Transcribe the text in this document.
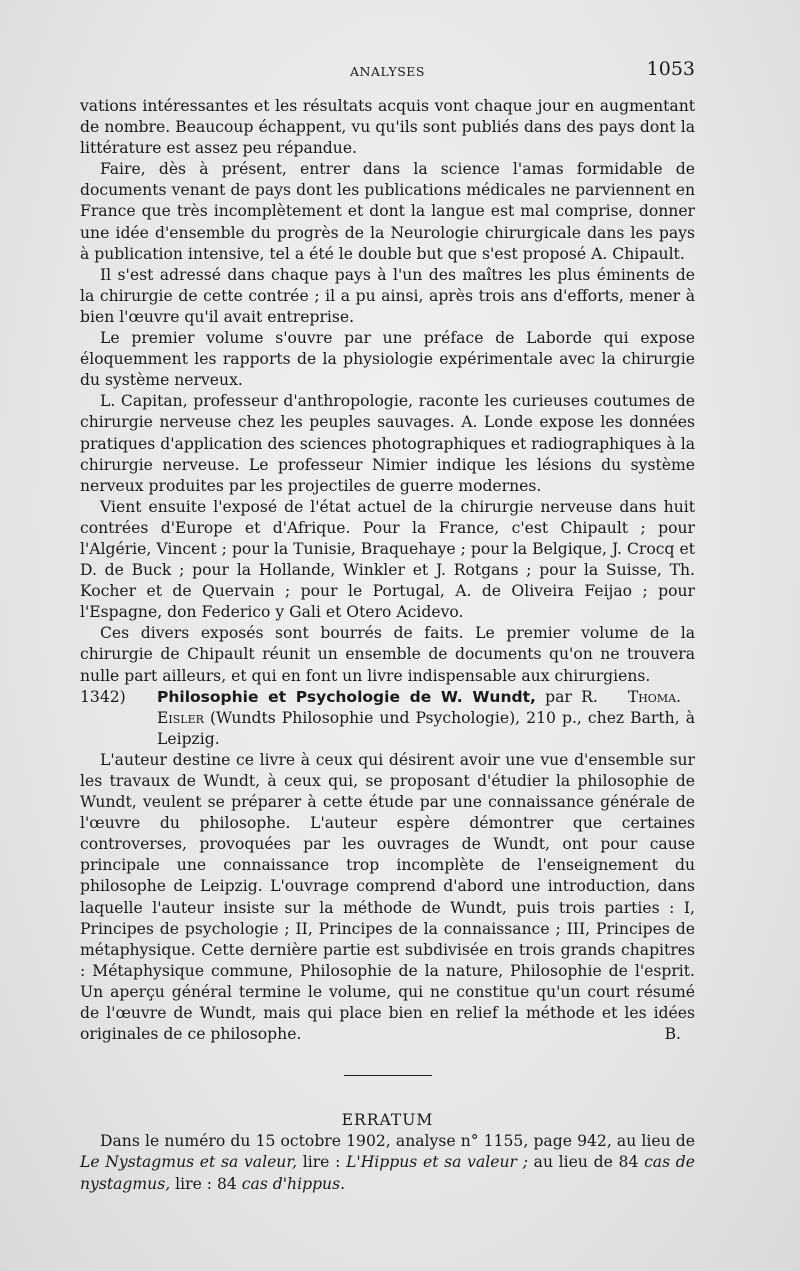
ANALYSES	1053

vations intéressantes et les résultats acquis vont chaque jour en augmentant de nombre. Beaucoup échappent, vu qu'ils sont publiés dans des pays dont la littérature est assez peu répandue.

Faire, dès à présent, entrer dans la science l'amas formidable de documents venant de pays dont les publications médicales ne parviennent en France que très incomplètement et dont la langue est mal comprise, donner une idée d'ensemble du progrès de la Neurologie chirurgicale dans les pays à publication intensive, tel a été le double but que s'est proposé A. Chipault.

Il s'est adressé dans chaque pays à l'un des maîtres les plus éminents de la chirurgie de cette contrée ; il a pu ainsi, après trois ans d'efforts, mener à bien l'œuvre qu'il avait entreprise.

Le premier volume s'ouvre par une préface de Laborde qui expose éloquemment les rapports de la physiologie expérimentale avec la chirurgie du système nerveux.

L. Capitan, professeur d'anthropologie, raconte les curieuses coutumes de chirurgie nerveuse chez les peuples sauvages. A. Londe expose les données pratiques d'application des sciences photographiques et radiographiques à la chirurgie nerveuse. Le professeur Nimier indique les lésions du système nerveux produites par les projectiles de guerre modernes.

Vient ensuite l'exposé de l'état actuel de la chirurgie nerveuse dans huit contrées d'Europe et d'Afrique. Pour la France, c'est Chipault ; pour l'Algérie, Vincent ; pour la Tunisie, Braquehaye ; pour la Belgique, J. Crocq et D. de Buck ; pour la Hollande, Winkler et J. Rotgans ; pour la Suisse, Th. Kocher et de Quervain ; pour le Portugal, A. de Oliveira Feijao ; pour l'Espagne, don Federico y Gali et Otero Acidevo.

Ces divers exposés sont bourrés de faits. Le premier volume de la chirurgie de Chipault réunit un ensemble de documents qu'on ne trouvera nulle part ailleurs, et qui en font un livre indispensable aux chirurgiens.
Thoma.

1342) Philosophie et Psychologie de W. Wundt, par R. Eisler (Wundts Philosophie und Psychologie), 210 p., chez Barth, à Leipzig.

L'auteur destine ce livre à ceux qui désirent avoir une vue d'ensemble sur les travaux de Wundt, à ceux qui, se proposant d'étudier la philosophie de Wundt, veulent se préparer à cette étude par une connaissance générale de l'œuvre du philosophe. L'auteur espère démontrer que certaines controverses, provoquées par les ouvrages de Wundt, ont pour cause principale une connaissance trop incomplète de l'enseignement du philosophe de Leipzig. L'ouvrage comprend d'abord une introduction, dans laquelle l'auteur insiste sur la méthode de Wundt, puis trois parties : I, Principes de psychologie ; II, Principes de la connaissance ; III, Principes de métaphysique. Cette dernière partie est subdivisée en trois grands chapitres : Métaphysique commune, Philosophie de la nature, Philosophie de l'esprit. Un aperçu général termine le volume, qui ne constitue qu'un court résumé de l'œuvre de Wundt, mais qui place bien en relief la méthode et les idées originales de ce philosophe.	B.

ERRATUM

Dans le numéro du 15 octobre 1902, analyse n° 1155, page 942, au lieu de Le Nystagmus et sa valeur, lire : L'Hippus et sa valeur ; au lieu de 84 cas de nystagmus, lire : 84 cas d'hippus.
